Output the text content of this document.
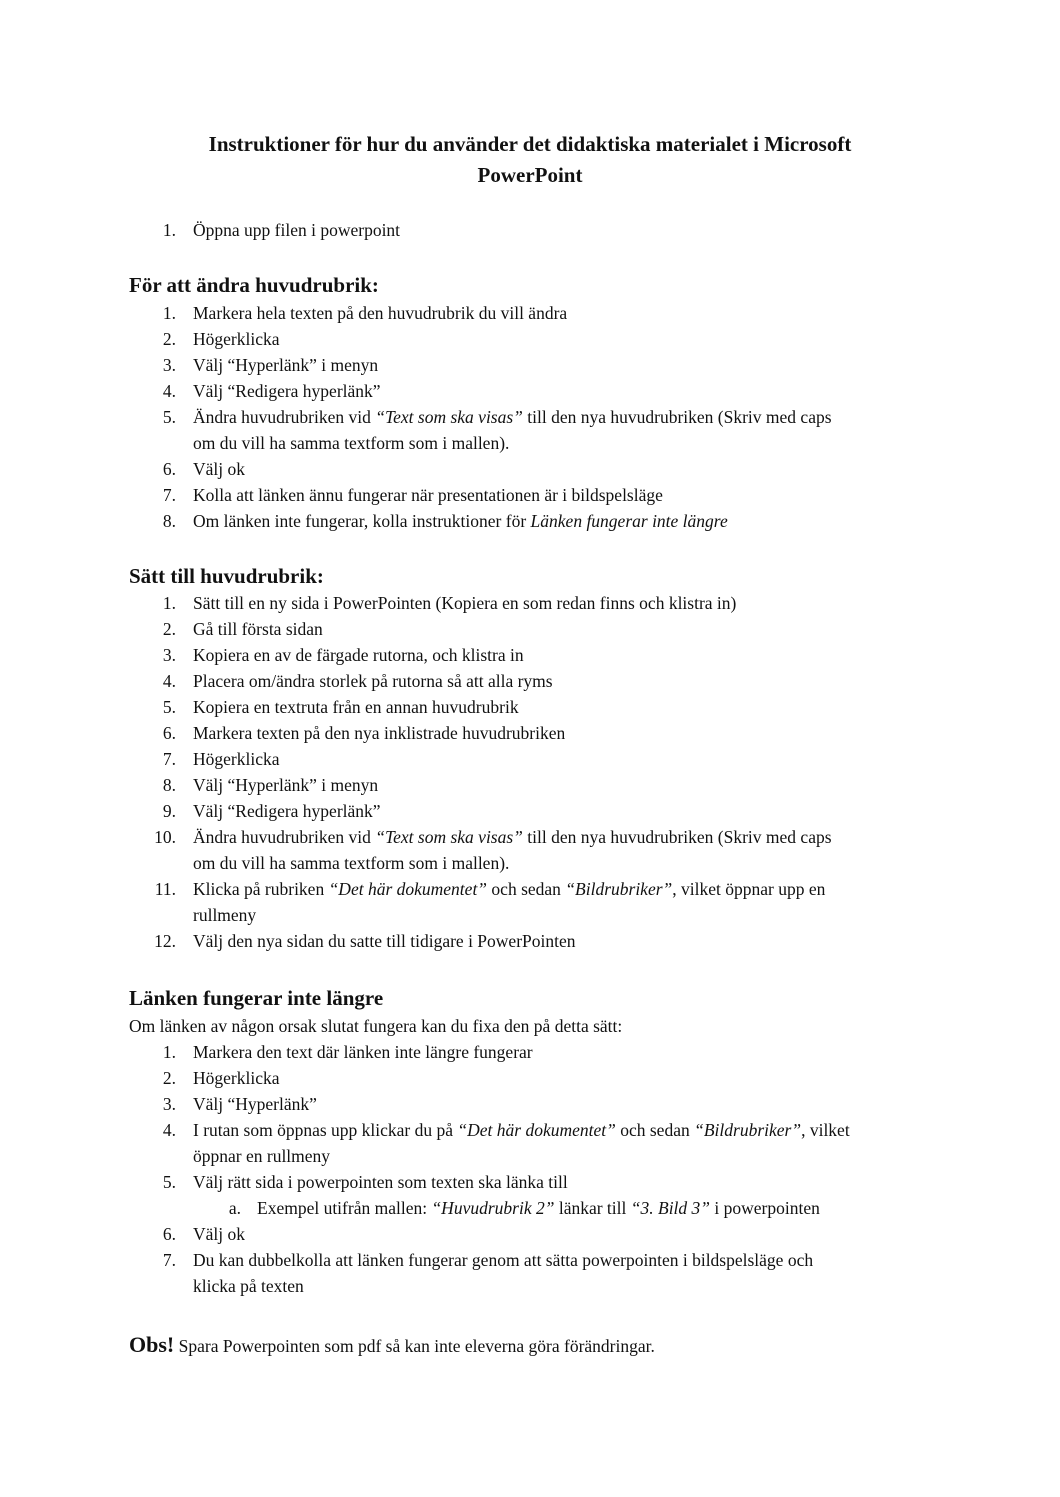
Instruktioner för hur du använder det didaktiska materialet i Microsoft
PowerPoint
1. Öppna upp filen i powerpoint
För att ändra huvudrubrik:
1. Markera hela texten på den huvudrubrik du vill ändra
2. Högerklicka
3. Välj “Hyperlänk” i menyn
4. Välj “Redigera hyperlänk”
5. Ändra huvudrubriken vid “Text som ska visas” till den nya huvudrubriken (Skriv med caps
om du vill ha samma textform som i mallen).
6. Välj ok
7. Kolla att länken ännu fungerar när presentationen är i bildspelsläge
8. Om länken inte fungerar, kolla instruktioner för Länken fungerar inte längre
Sätt till huvudrubrik:
1. Sätt till en ny sida i PowerPointen (Kopiera en som redan finns och klistra in)
2. Gå till första sidan
3. Kopiera en av de färgade rutorna, och klistra in
4. Placera om/ändra storlek på rutorna så att alla ryms
5. Kopiera en textruta från en annan huvudrubrik
6. Markera texten på den nya inklistrade huvudrubriken
7. Högerklicka
8. Välj “Hyperlänk” i menyn
9. Välj “Redigera hyperlänk”
10. Ändra huvudrubriken vid “Text som ska visas” till den nya huvudrubriken (Skriv med caps
om du vill ha samma textform som i mallen).
11. Klicka på rubriken “Det här dokumentet” och sedan “Bildrubriker”, vilket öppnar upp en
rullmeny
12. Välj den nya sidan du satte till tidigare i PowerPointen
Länken fungerar inte längre
Om länken av någon orsak slutat fungera kan du fixa den på detta sätt:
1. Markera den text där länken inte längre fungerar
2. Högerklicka
3. Välj “Hyperlänk”
4. I rutan som öppnas upp klickar du på “Det här dokumentet” och sedan “Bildrubriker”, vilket
öppnar en rullmeny
5. Välj rätt sida i powerpointen som texten ska länka till
a. Exempel utifrån mallen: “Huvudrubrik 2” länkar till “3. Bild 3” i powerpointen
6. Välj ok
7. Du kan dubbelkolla att länken fungerar genom att sätta powerpointen i bildspelsläge och
klicka på texten
Obs! Spara Powerpointen som pdf så kan inte eleverna göra förändringar.
